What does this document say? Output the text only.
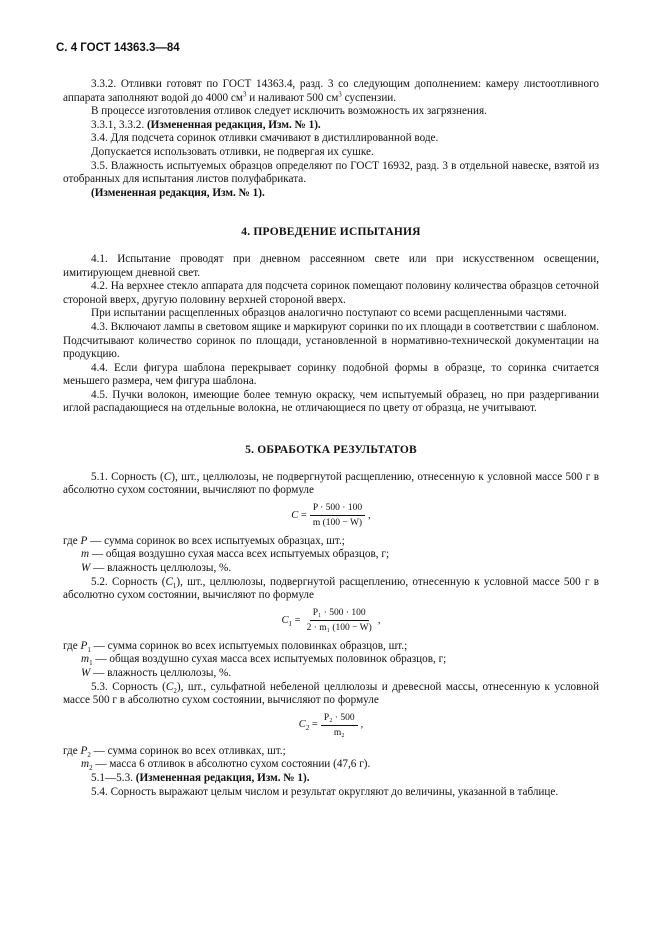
С. 4 ГОСТ 14363.3—84

3.3.2. Отливки готовят по ГОСТ 14363.4, разд. 3 со следующим дополнением: камеру листоотливного аппарата заполняют водой до 4000 $см^3$ и наливают 500 $см^3$ суспензии.

В процессе изготовления отливок следует исключить возможность их загрязнения.

3.3.1, 3.3.2. (Измененная редакция, Изм. № 1).

3.4. Для подсчета соринок отливки смачивают в дистиллированной воде.

Допускается использовать отливки, не подвергая их сушке.

3.5. Влажность испытуемых образцов определяют по ГОСТ 16932, разд. 3 в отдельной навеске, взятой из отобранных для испытания листов полуфабриката.

(Измененная редакция, Изм. № 1).

4. ПРОВЕДЕНИЕ ИСПЫТАНИЯ

4.1. Испытание проводят при дневном рассеянном свете или при искусственном освещении, имитирующем дневной свет.

4.2. На верхнее стекло аппарата для подсчета соринок помещают половину количества образцов сеточной стороной вверх, другую половину верхней стороной вверх.

При испытании расщепленных образцов аналогично поступают со всеми расщепленными частями.

4.3. Включают лампы в световом ящике и маркируют соринки по их площади в соответствии с шаблоном. Подсчитывают количество соринок по площади, установленной в нормативно-технической документации на продукцию.

4.4. Если фигура шаблона перекрывает соринку подобной формы в образце, то соринка считается меньшего размера, чем фигура шаблона.

4.5. Пучки волокон, имеющие более темную окраску, чем испытуемый образец, но при раздергивании иглой распадающиеся на отдельные волокна, не отличающиеся по цвету от образца, не учитывают.

5. ОБРАБОТКА РЕЗУЛЬТАТОВ

5.1. Сорность (C), шт., целлюлозы, не подвергнутой расщеплению, отнесенную к условной массе 500 г в абсолютно сухом состоянии, вычисляют по формуле

C
= $\frac{P \cdot 500 \cdot 100}{m (100 - W)}$ ,

где P — сумма соринок во всех испытуемых образцах, шт.;

m — общая воздушно сухая масса всех испытуемых образцов, г;

W — влажность целлюлозы, %.

5.2. Сорность $(C_1)$, шт., целлюлозы, подвергнутой расщеплению, отнесенную к условной массе 500 г в абсолютно сухом состоянии, вычисляют по формуле

$C_1$
= $\frac{\text{P₁ · 500 · 100}}{\text{2 · m₁ (100 − W)}}$ ,

где $P_1$ — сумма соринок во всех испытуемых половинках образцов, шт.;

$m_1$ — общая воздушно сухая масса всех испытуемых половинок образцов, г;

W — влажность целлюлозы, %.

5.3. Сорность $(C_2)$, шт., сульфатной небеленой целлюлозы и древесной массы, отнесенную к условной массе 500 г в абсолютно сухом состоянии, вычисляют по формуле

$C_2$
= $\frac{\text{P₂ · 500}}{\text{m₂}}$ ,

где $P_2$ — сумма соринок во всех отливках, шт.;

$m_2$ — масса 6 отливок в абсолютно сухом состоянии (47,6 г).

5.1—5.3. (Измененная редакция, Изм. № 1).

5.4. Сорность выражают целым числом и результат округляют до величины, указанной в таблице.
